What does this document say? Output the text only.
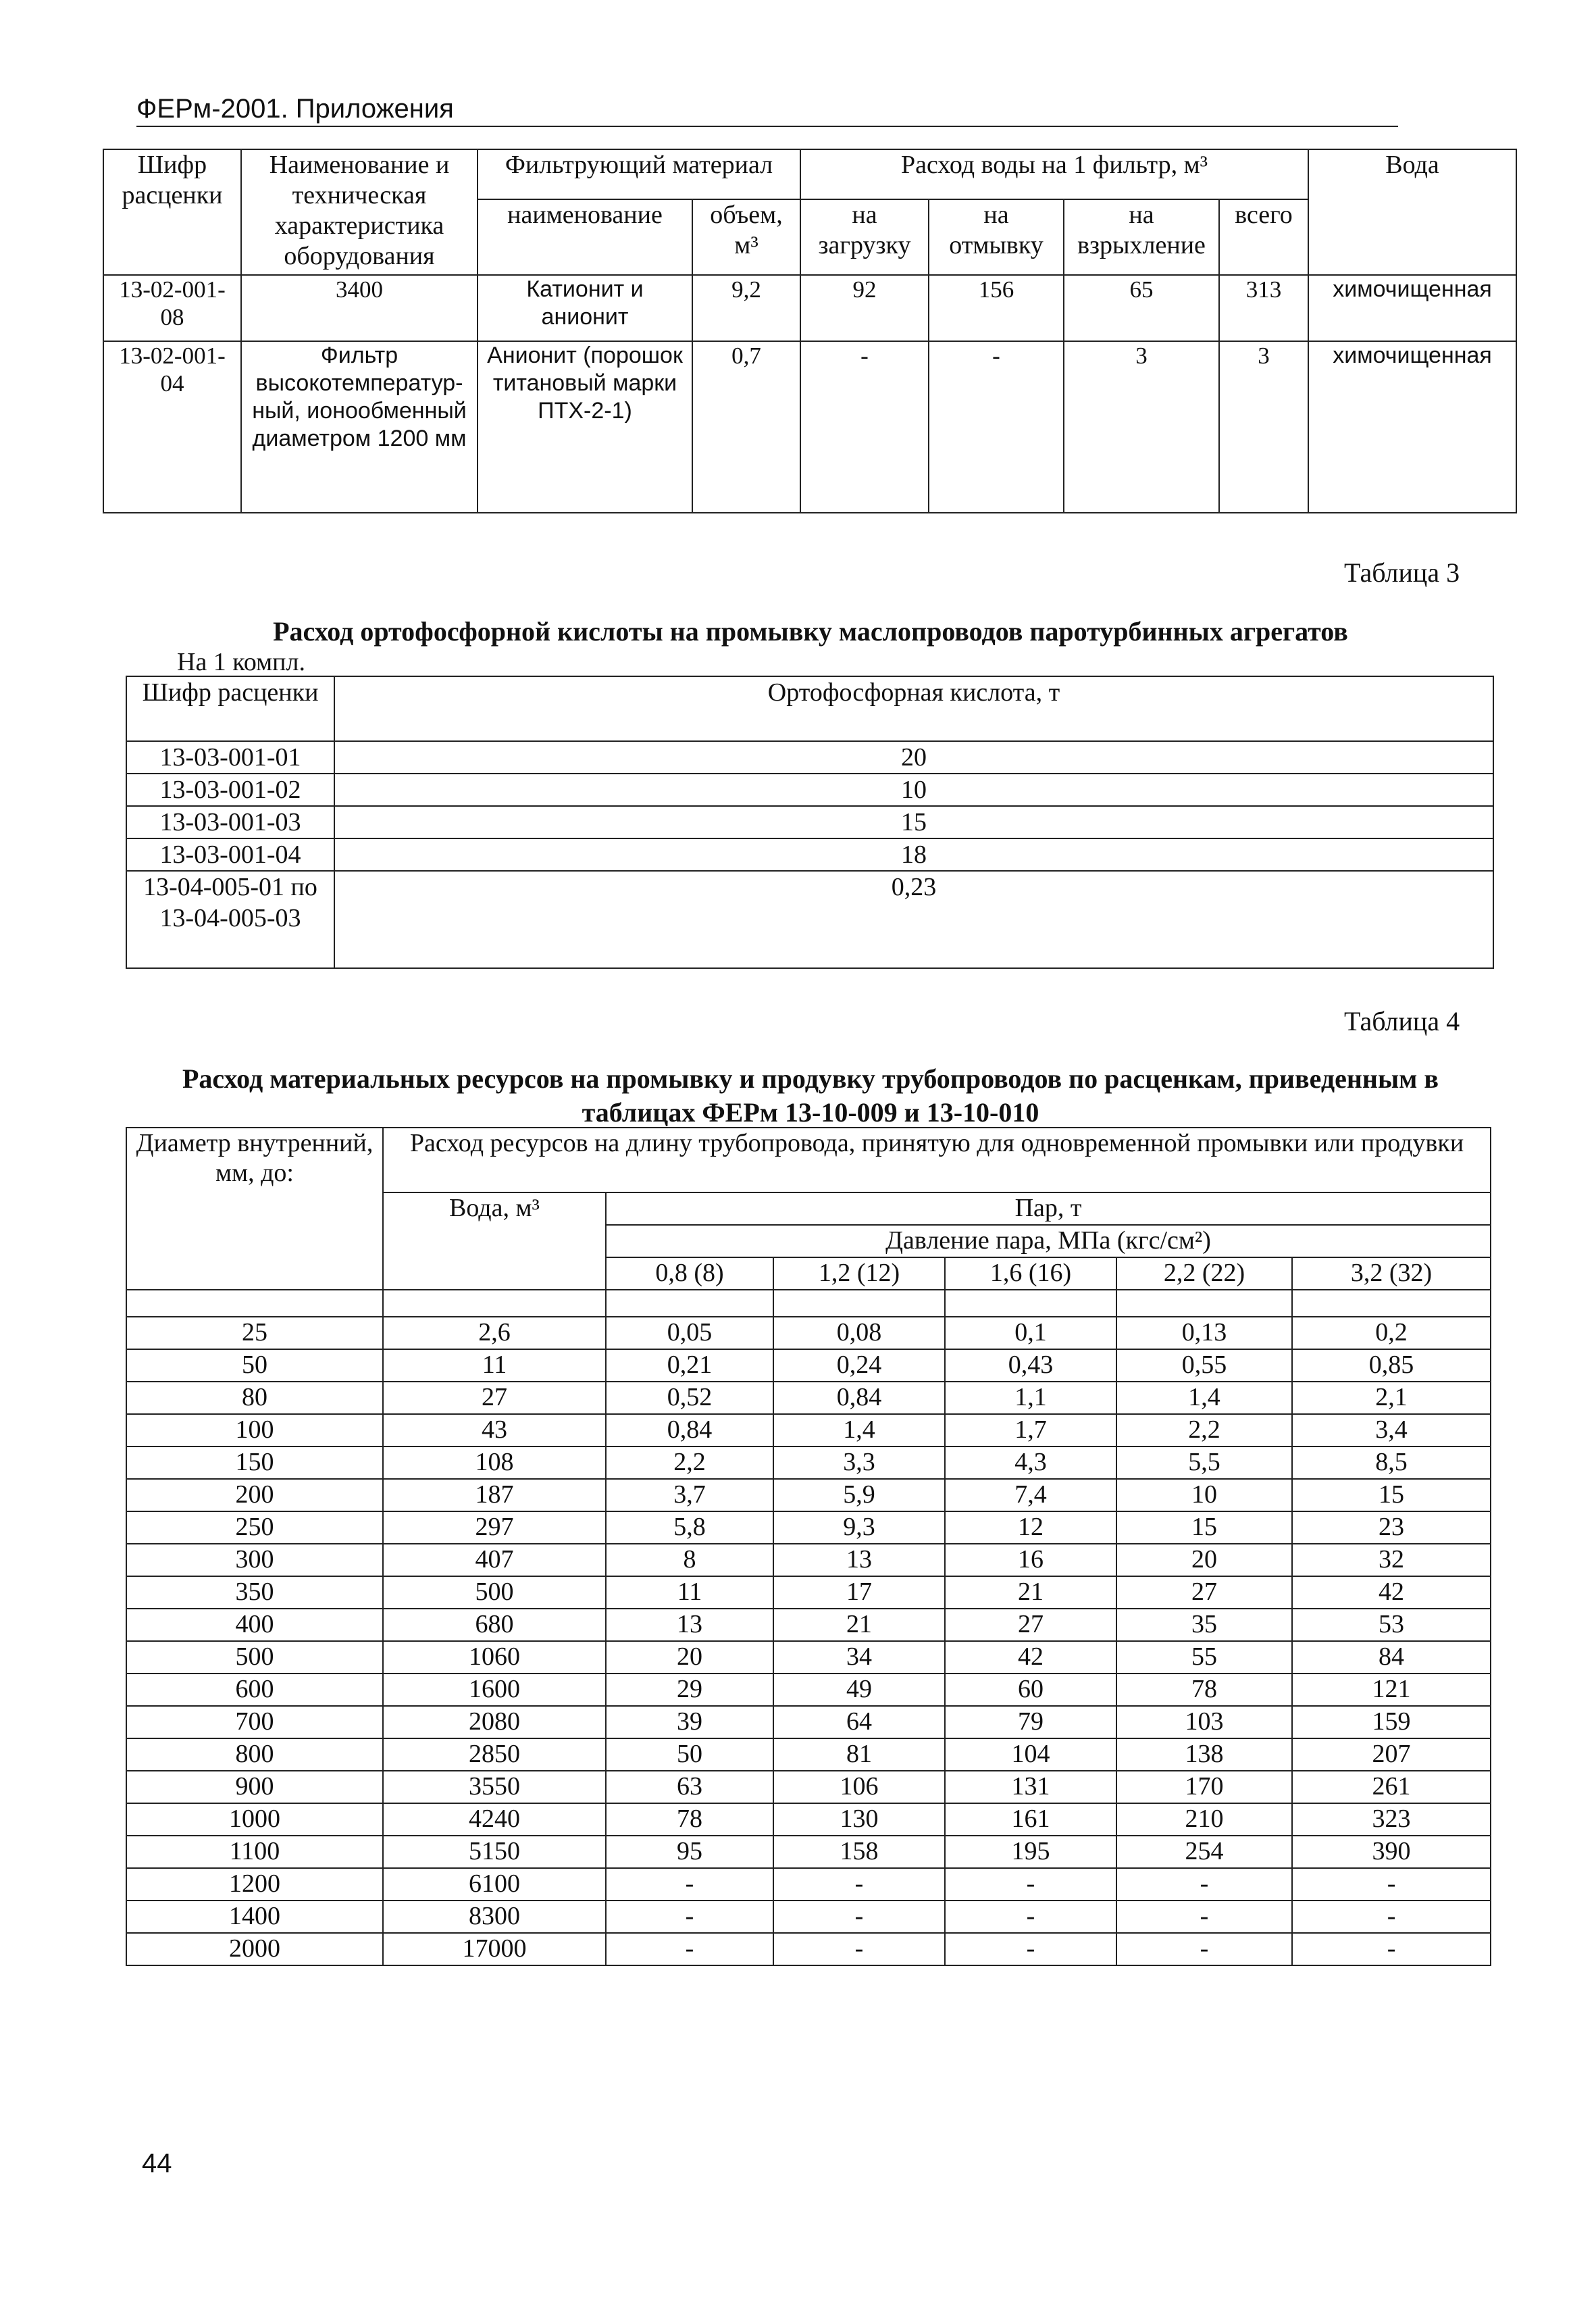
ФЕРм-2001. Приложения
Шифр расценки	Наименование и техническая характеристика оборудования	Фильтрующий материал		Расход воды на 1 фильтр, м³				Вода
		наименование	объем, м³	на загрузку	на отмывку	на взрыхление	всего	
13-02-001-08	3400	Катионит и анионит	9,2	92	156	65	313	химочищенная
13-02-001-04	Фильтр высокотемператур-ный, ионообменный диаметром 1200 мм	Анионит (порошок титановый марки ПТХ-2-1)	0,7	-	-	3	3	химочищенная
Таблица 3
Расход ортофосфорной кислоты на промывку маслопроводов паротурбинных агрегатов
На 1 компл.
Шифр расценки	Ортофосфорная кислота, т
13-03-001-01	20
13-03-001-02	10
13-03-001-03	15
13-03-001-04	18
13-04-005-01 по 13-04-005-03	0,23
Таблица 4
Расход материальных ресурсов на промывку и продувку трубопроводов по расценкам, приведенным в таблицах ФЕРм 13-10-009 и 13-10-010
Диаметр внутренний, мм, до:	Расход ресурсов на длину трубопровода, принятую для одновременной промывки или продувки					
	Вода, м³	Пар, т				
		Давление пара, МПа (кгс/см²)				
		0,8 (8)	1,2 (12)	1,6 (16)	2,2 (22)	3,2 (32)

25	2,6	0,05	0,08	0,1	0,13	0,2
50	11	0,21	0,24	0,43	0,55	0,85
80	27	0,52	0,84	1,1	1,4	2,1
100	43	0,84	1,4	1,7	2,2	3,4
150	108	2,2	3,3	4,3	5,5	8,5
200	187	3,7	5,9	7,4	10	15
250	297	5,8	9,3	12	15	23
300	407	8	13	16	20	32
350	500	11	17	21	27	42
400	680	13	21	27	35	53
500	1060	20	34	42	55	84
600	1600	29	49	60	78	121
700	2080	39	64	79	103	159
800	2850	50	81	104	138	207
900	3550	63	106	131	170	261
1000	4240	78	130	161	210	323
1100	5150	95	158	195	254	390
1200	6100	-	-	-	-	-
1400	8300	-	-	-	-	-
2000	17000	-	-	-	-	-
44
